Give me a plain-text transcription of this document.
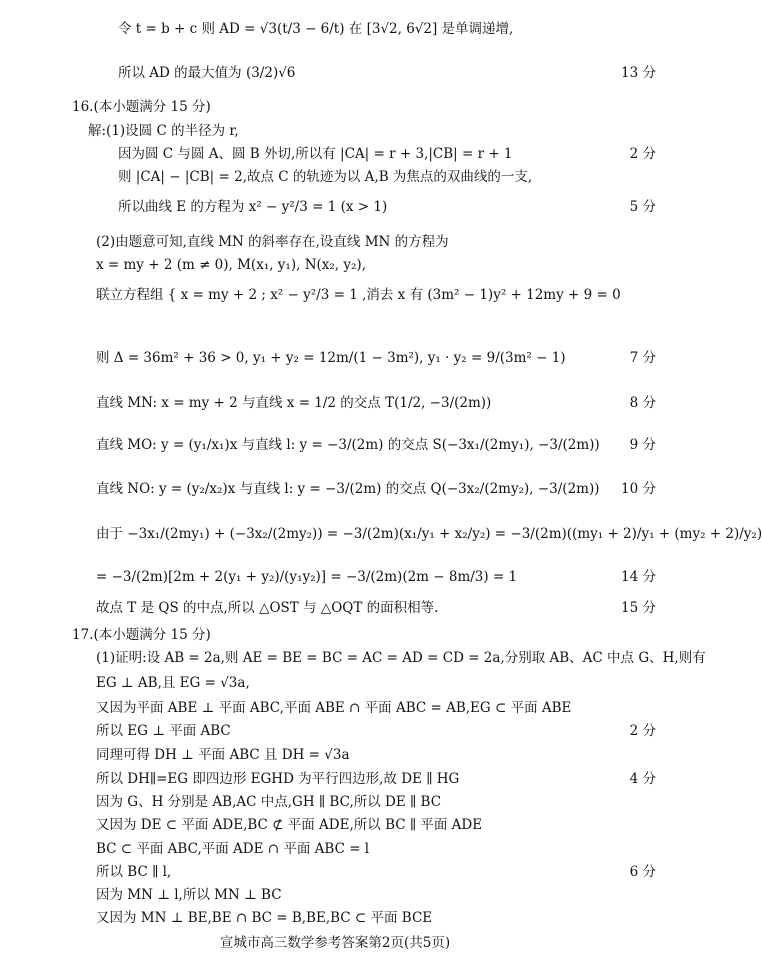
令 t = b + c 则 AD = √3(t/3 − 6/t) 在 [3√2, 6√2] 是单调递增,
所以 AD 的最大值为 (3/2)√6	13 分
16.(本小题满分 15 分)
解:(1)设圆 C 的半径为 r,
因为圆 C 与圆 A、圆 B 外切,所以有 |CA| = r + 3,|CB| = r + 1	2 分
则 |CA| − |CB| = 2,故点 C 的轨迹为以 A,B 为焦点的双曲线的一支,
所以曲线 E 的方程为 x² − y²/3 = 1 (x > 1)	5 分
(2)由题意可知,直线 MN 的斜率存在,设直线 MN 的方程为
x = my + 2 (m ≠ 0), M(x₁, y₁), N(x₂, y₂),
联立方程组 { x = my + 2 ; x² − y²/3 = 1 ,消去 x 有 (3m² − 1)y² + 12my + 9 = 0
则 Δ = 36m² + 36 > 0, y₁ + y₂ = 12m/(1 − 3m²), y₁ · y₂ = 9/(3m² − 1)	7 分
直线 MN: x = my + 2 与直线 x = 1/2 的交点 T(1/2, −3/(2m))	8 分
直线 MO: y = (y₁/x₁)x 与直线 l: y = −3/(2m) 的交点 S(−3x₁/(2my₁), −3/(2m)) 9 分
直线 NO: y = (y₂/x₂)x 与直线 l: y = −3/(2m) 的交点 Q(−3x₂/(2my₂), −3/(2m)) 10 分
由于 −3x₁/(2my₁) + (−3x₂/(2my₂)) = −3/(2m)(x₁/y₁ + x₂/y₂) = −3/(2m)((my₁ + 2)/y₁ + (my₂ + 2)/y₂)
= −3/(2m)[2m + 2(y₁ + y₂)/(y₁y₂)] = −3/(2m)(2m − 8m/3) = 1	14 分
故点 T 是 QS 的中点,所以 △OST 与 △OQT 的面积相等.	15 分
17.(本小题满分 15 分)
(1)证明:设 AB = 2a,则 AE = BE = BC = AC = AD = CD = 2a,分别取 AB、AC 中点 G、H,则有
EG ⊥ AB,且 EG = √3a,
又因为平面 ABE ⊥ 平面 ABC,平面 ABE ∩ 平面 ABC = AB,EG ⊂ 平面 ABE
所以 EG ⊥ 平面 ABC	2 分
同理可得 DH ⊥ 平面 ABC 且 DH = √3a
所以 DH∥=EG 即四边形 EGHD 为平行四边形,故 DE ∥ HG	4 分
因为 G、H 分别是 AB,AC 中点,GH ∥ BC,所以 DE ∥ BC
又因为 DE ⊂ 平面 ADE,BC ⊄ 平面 ADE,所以 BC ∥ 平面 ADE
BC ⊂ 平面 ABC,平面 ADE ∩ 平面 ABC = l
所以 BC ∥ l,	6 分
因为 MN ⊥ l,所以 MN ⊥ BC
又因为 MN ⊥ BE,BE ∩ BC = B,BE,BC ⊂ 平面 BCE
宣城市高三数学参考答案第2页(共5页)
